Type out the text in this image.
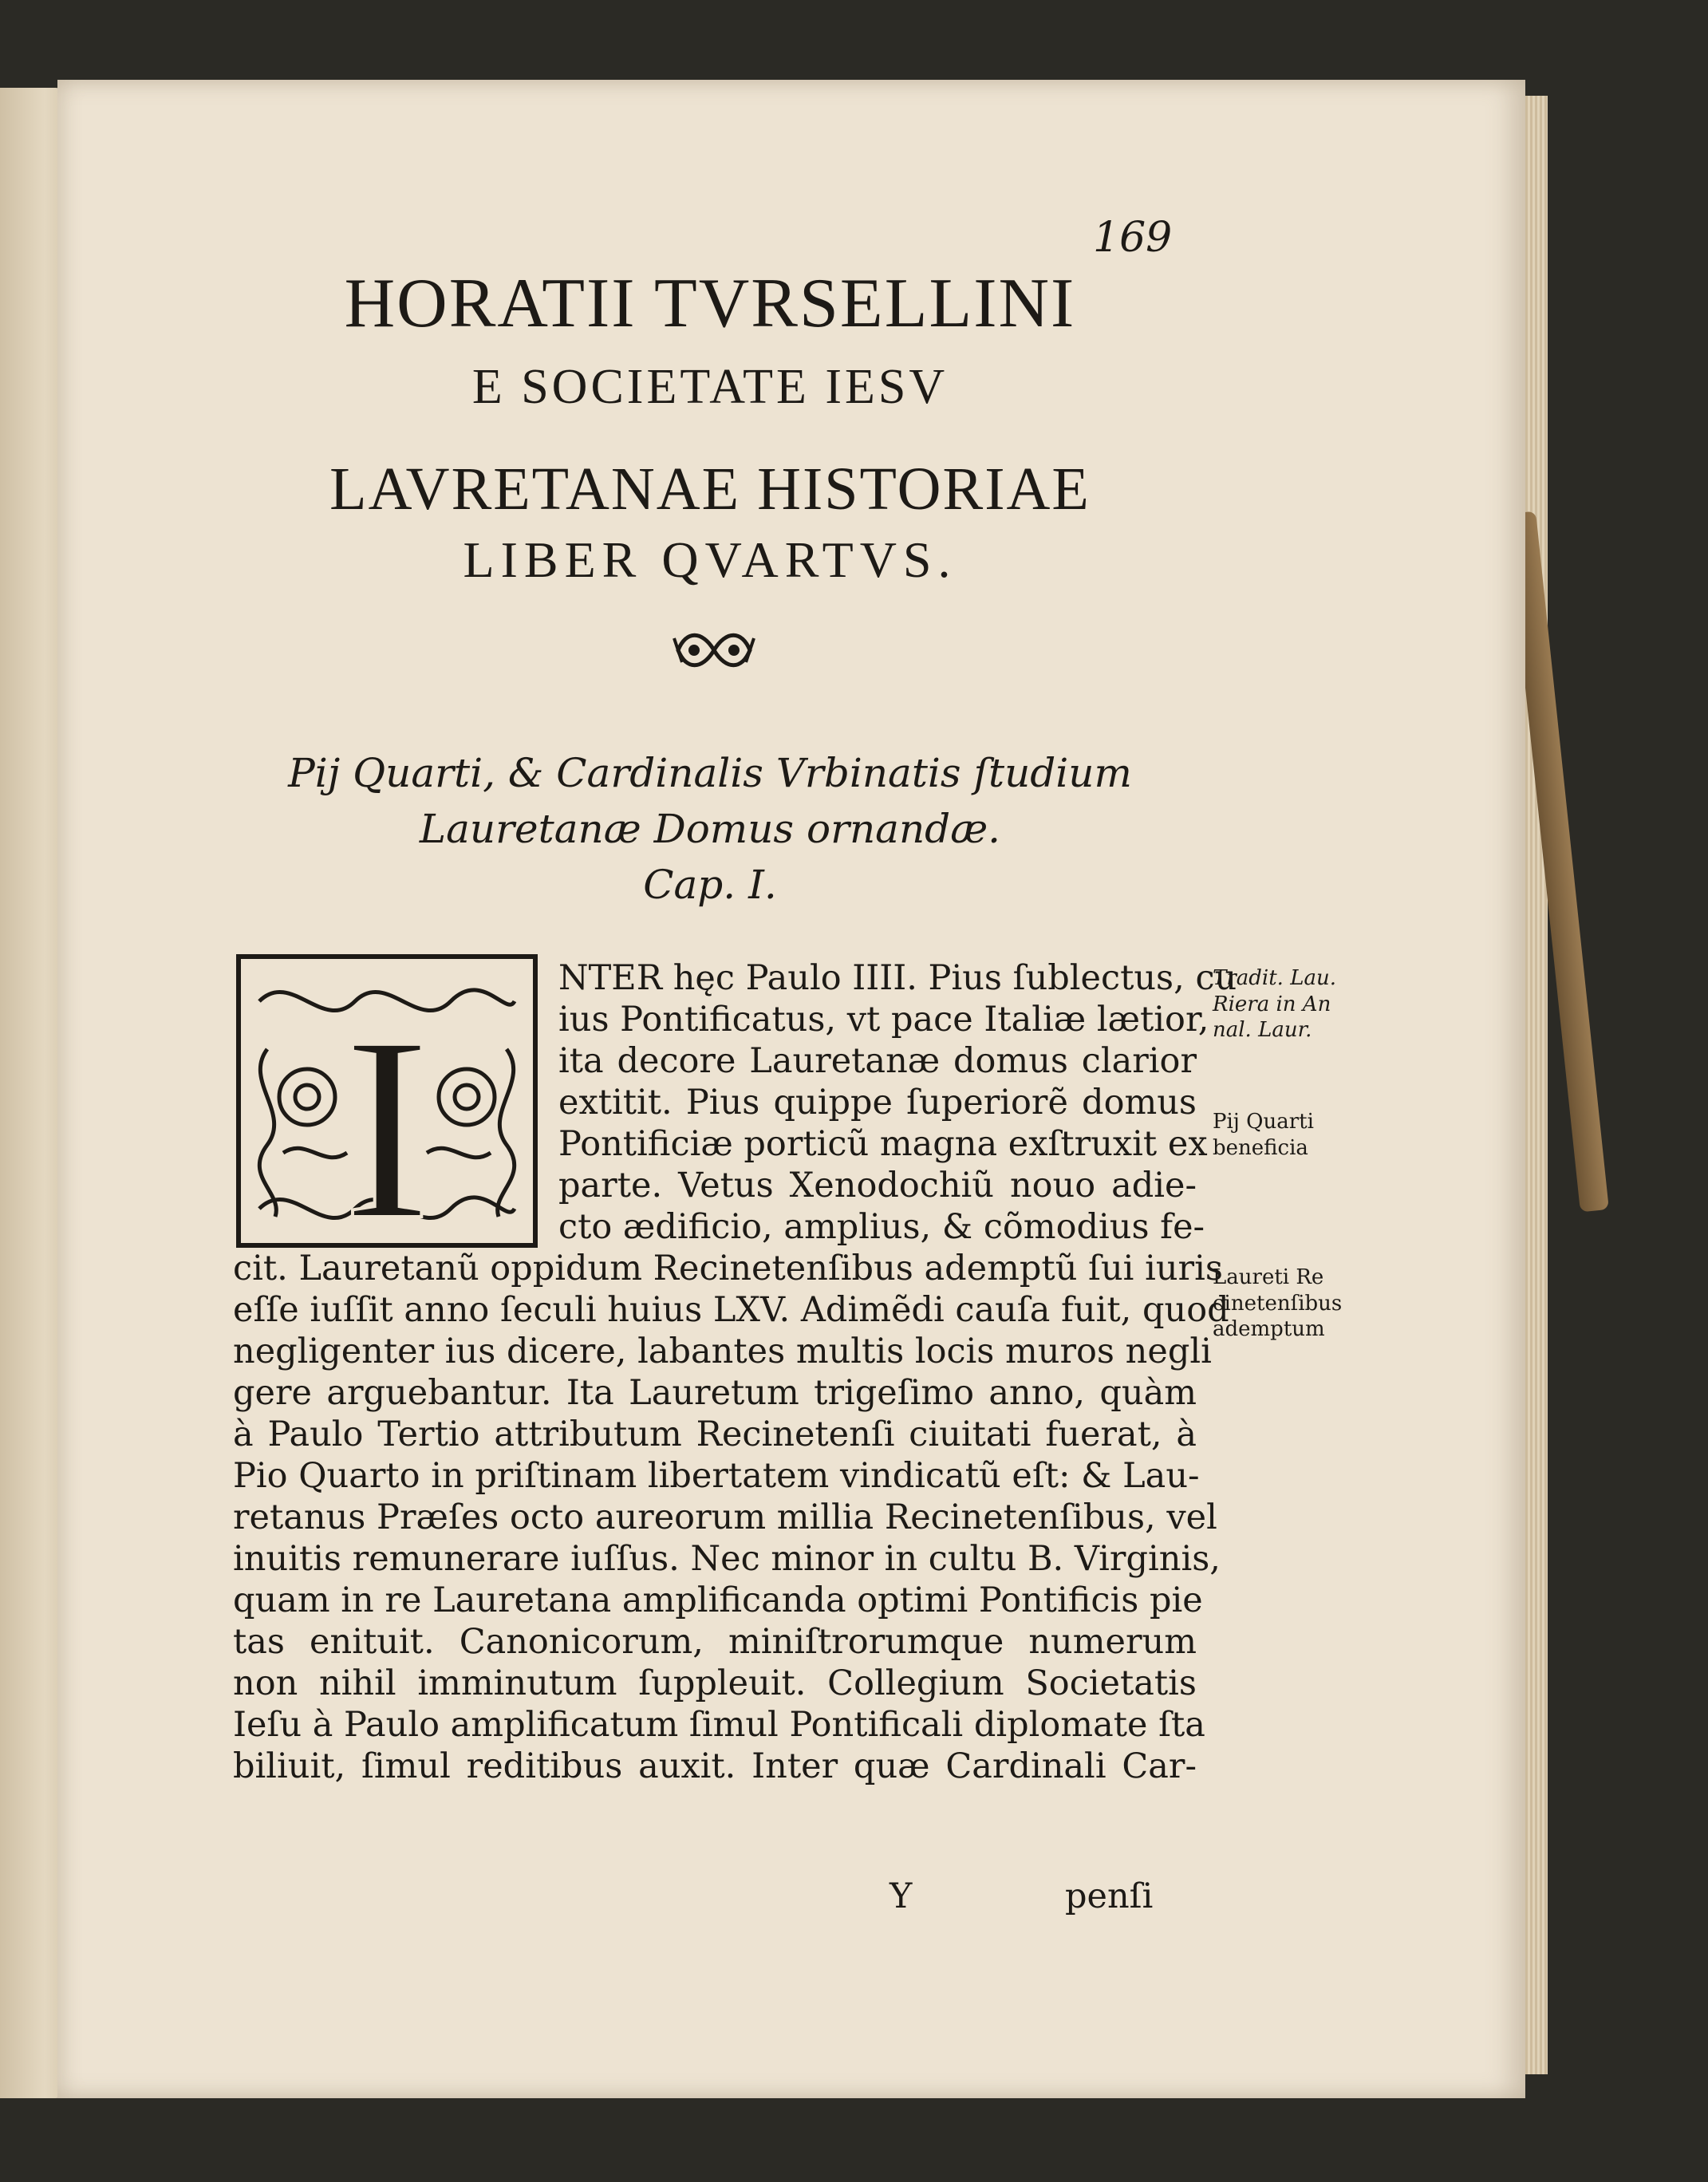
169
HORATII TVRSELLINI
E SOCIETATE IESV
LAVRETANAE HISTORIAE
LIBER QVARTVS.
Pij Quarti, & Cardinalis Vrbinatis ſtudium
Lauretanæ Domus ornandæ.
Cap. I.
I
NTER hęc Paulo IIII. Pius ſublectus, cu
ius Pontificatus, vt pace Italiæ lætior,
ita decore Lauretanæ domus clarior
extitit. Pius quippe ſuperiorẽ domus
Pontificiæ porticũ magna exſtruxit ex
parte. Vetus Xenodochiũ nouo adie-
cto ædificio, amplius, & cõmodius fe-
cit. Lauretanũ oppidum Recinetenſibus ademptũ ſui iuris
eſſe iuſſit anno ſeculi huius LXV. Adimẽdi cauſa fuit, quod
negligenter ius dicere, labantes multis locis muros negli
gere arguebantur. Ita Lauretum trigeſimo anno, quàm
à Paulo Tertio attributum Recinetenſi ciuitati fuerat, à
Pio Quarto in priſtinam libertatem vindicatũ eſt: & Lau-
retanus Præſes octo aureorum millia Recinetenſibus, vel
inuitis remunerare iuſſus. Nec minor in cultu B. Virginis,
quam in re Lauretana amplificanda optimi Pontificis pie
tas enituit. Canonicorum, miniſtrorumque numerum
non nihil imminutum ſuppleuit. Collegium Societatis
Ieſu à Paulo amplificatum ſimul Pontificali diplomate ſta
biliuit, ſimul reditibus auxit. Inter quæ Cardinali Car-
Y	penſi
Tradit. Lau.
Riera in An
nal. Laur.
Pij Quarti
beneficia
Laureti Re
cinetenſibus
ademptum
